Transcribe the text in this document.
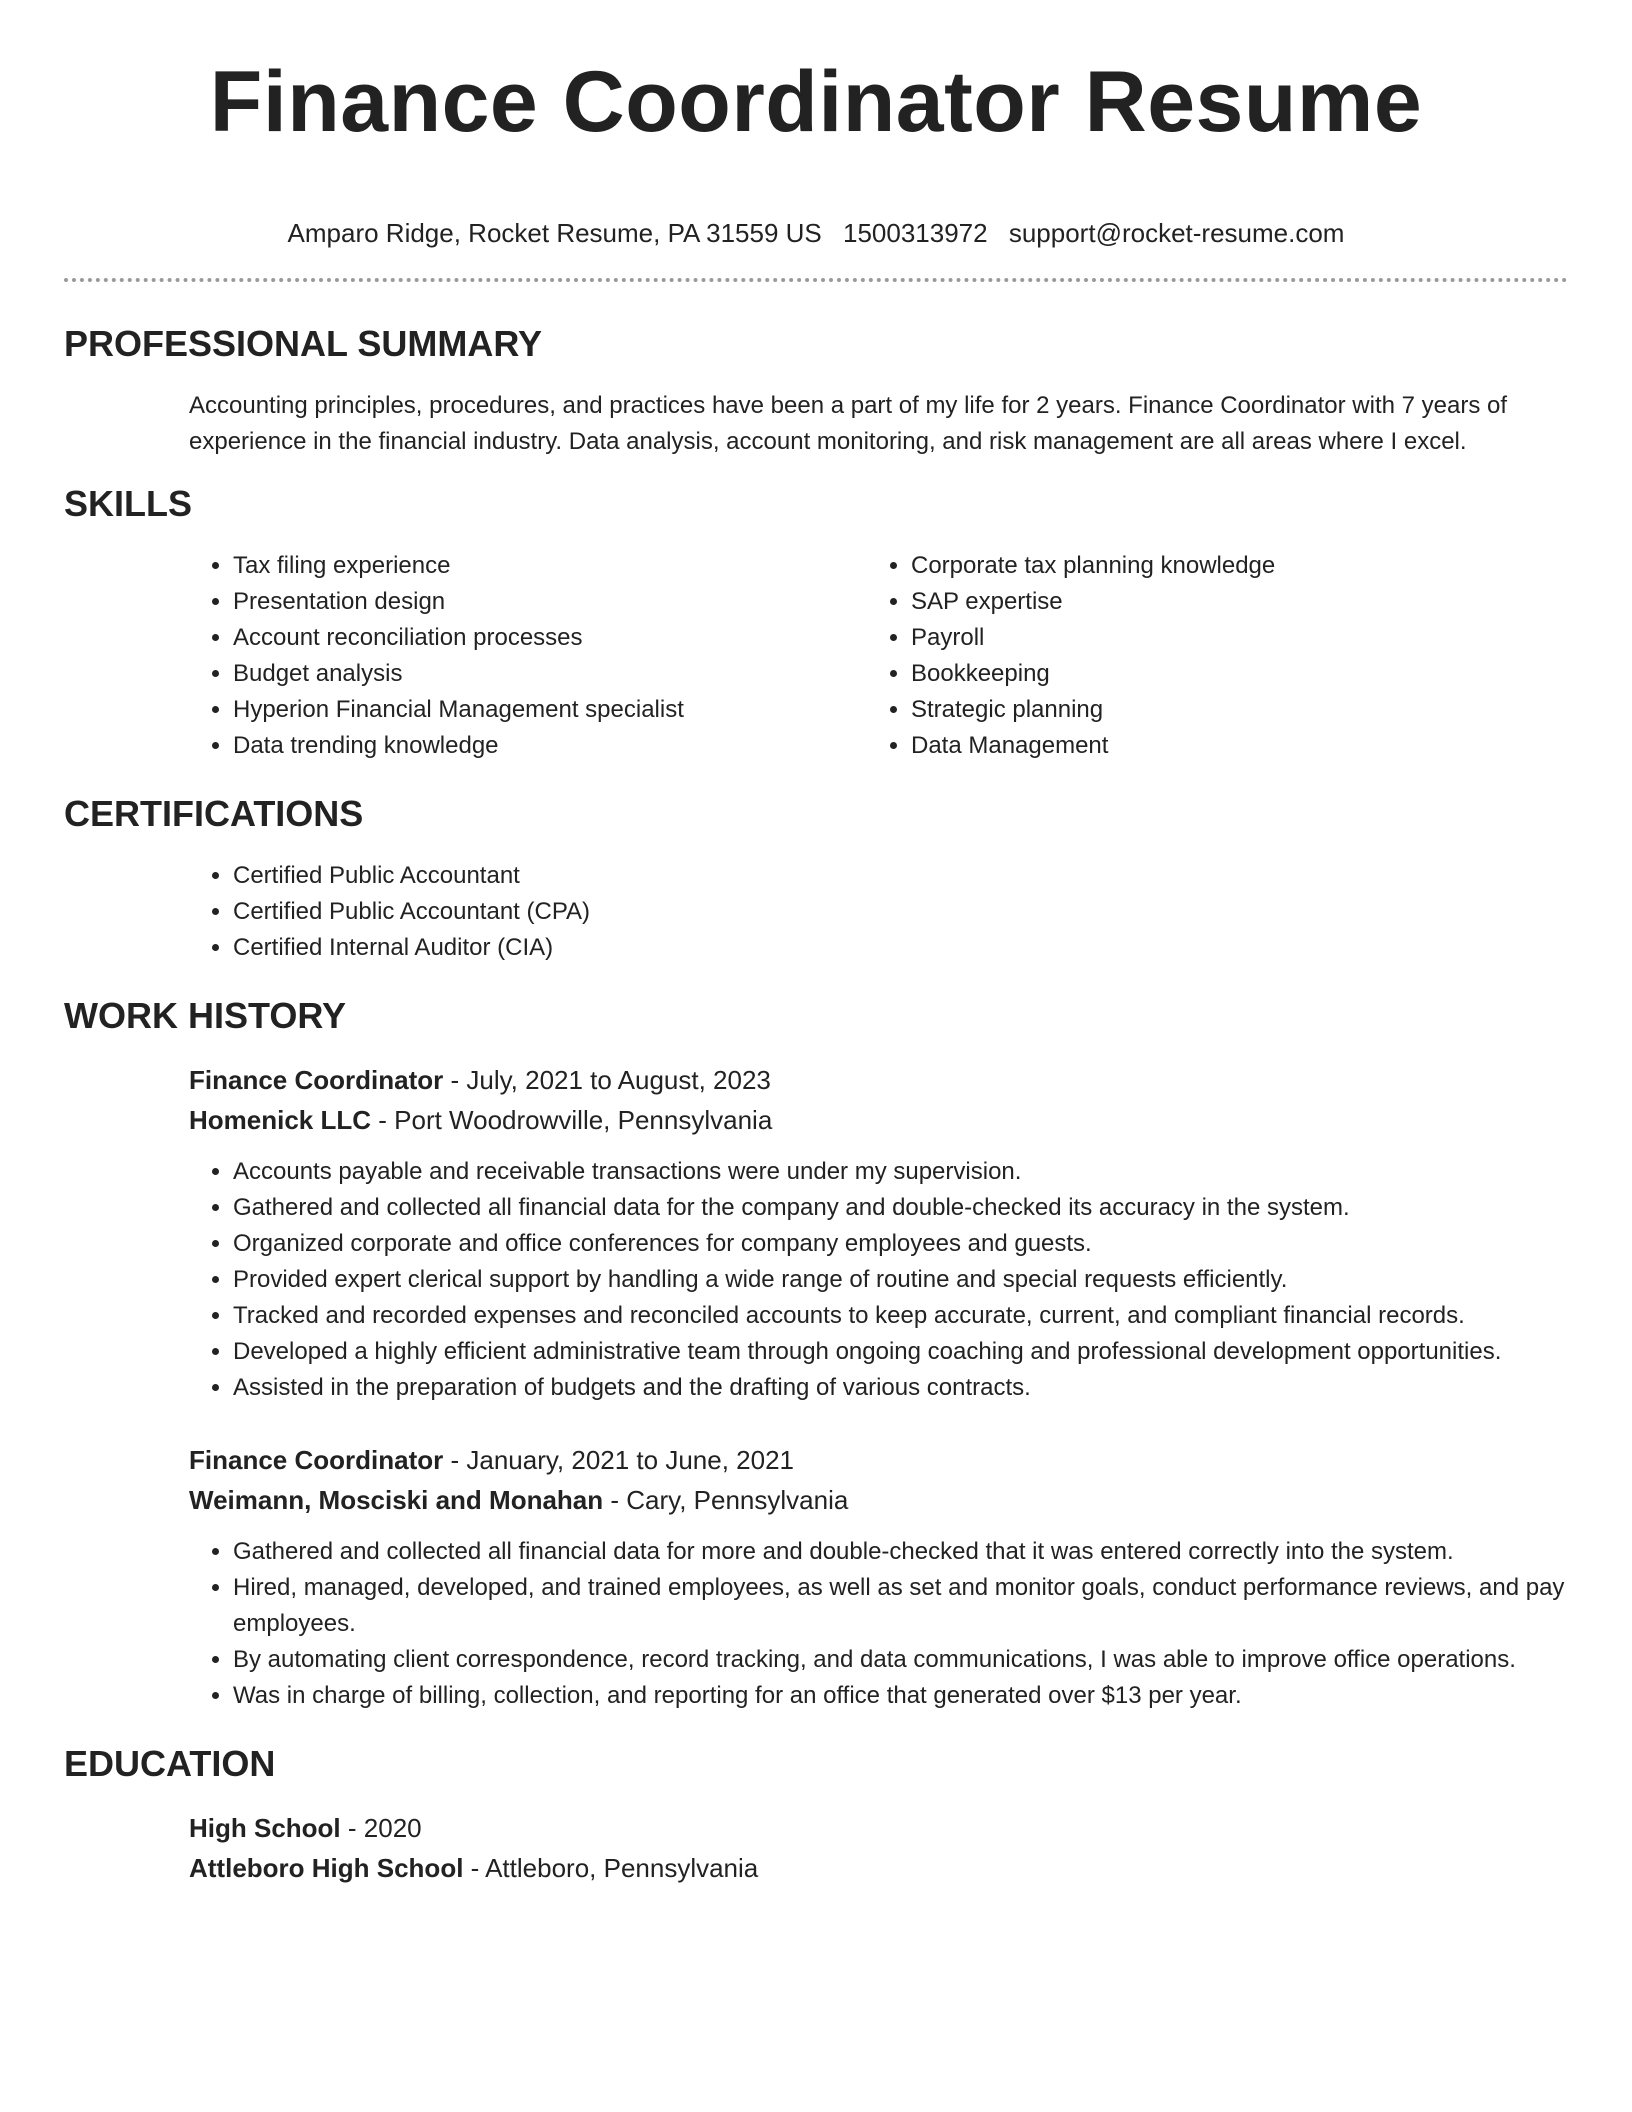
Finance Coordinator Resume
Amparo Ridge, Rocket Resume, PA 31559 US 1500313972 support@rocket-resume.com
PROFESSIONAL SUMMARY

Accounting principles, procedures, and practices have been a part of my life for 2 years. Finance Coordinator with 7 years of experience in the financial industry. Data analysis, account monitoring, and risk management are all areas where I excel.

SKILLS
• Tax filing experience
• Presentation design
• Account reconciliation processes
• Budget analysis
• Hyperion Financial Management specialist
• Data trending knowledge
• Corporate tax planning knowledge
• SAP expertise
• Payroll
• Bookkeeping
• Strategic planning
• Data Management
CERTIFICATIONS
• Certified Public Accountant
• Certified Public Accountant (CPA)
• Certified Internal Auditor (CIA)
WORK HISTORY
Finance Coordinator - July, 2021 to August, 2023
Homenick LLC - Port Woodrowville, Pennsylvania
• Accounts payable and receivable transactions were under my supervision.
• Gathered and collected all financial data for the company and double-checked its accuracy in the system.
• Organized corporate and office conferences for company employees and guests.
• Provided expert clerical support by handling a wide range of routine and special requests efficiently.
• Tracked and recorded expenses and reconciled accounts to keep accurate, current, and compliant financial records.
• Developed a highly efficient administrative team through ongoing coaching and professional development opportunities.
• Assisted in the preparation of budgets and the drafting of various contracts.
Finance Coordinator - January, 2021 to June, 2021
Weimann, Mosciski and Monahan - Cary, Pennsylvania
• Gathered and collected all financial data for more and double-checked that it was entered correctly into the system.
• Hired, managed, developed, and trained employees, as well as set and monitor goals, conduct performance reviews, and pay employees.
• By automating client correspondence, record tracking, and data communications, I was able to improve office operations.
• Was in charge of billing, collection, and reporting for an office that generated over $13 per year.
EDUCATION
High School - 2020
Attleboro High School - Attleboro, Pennsylvania
